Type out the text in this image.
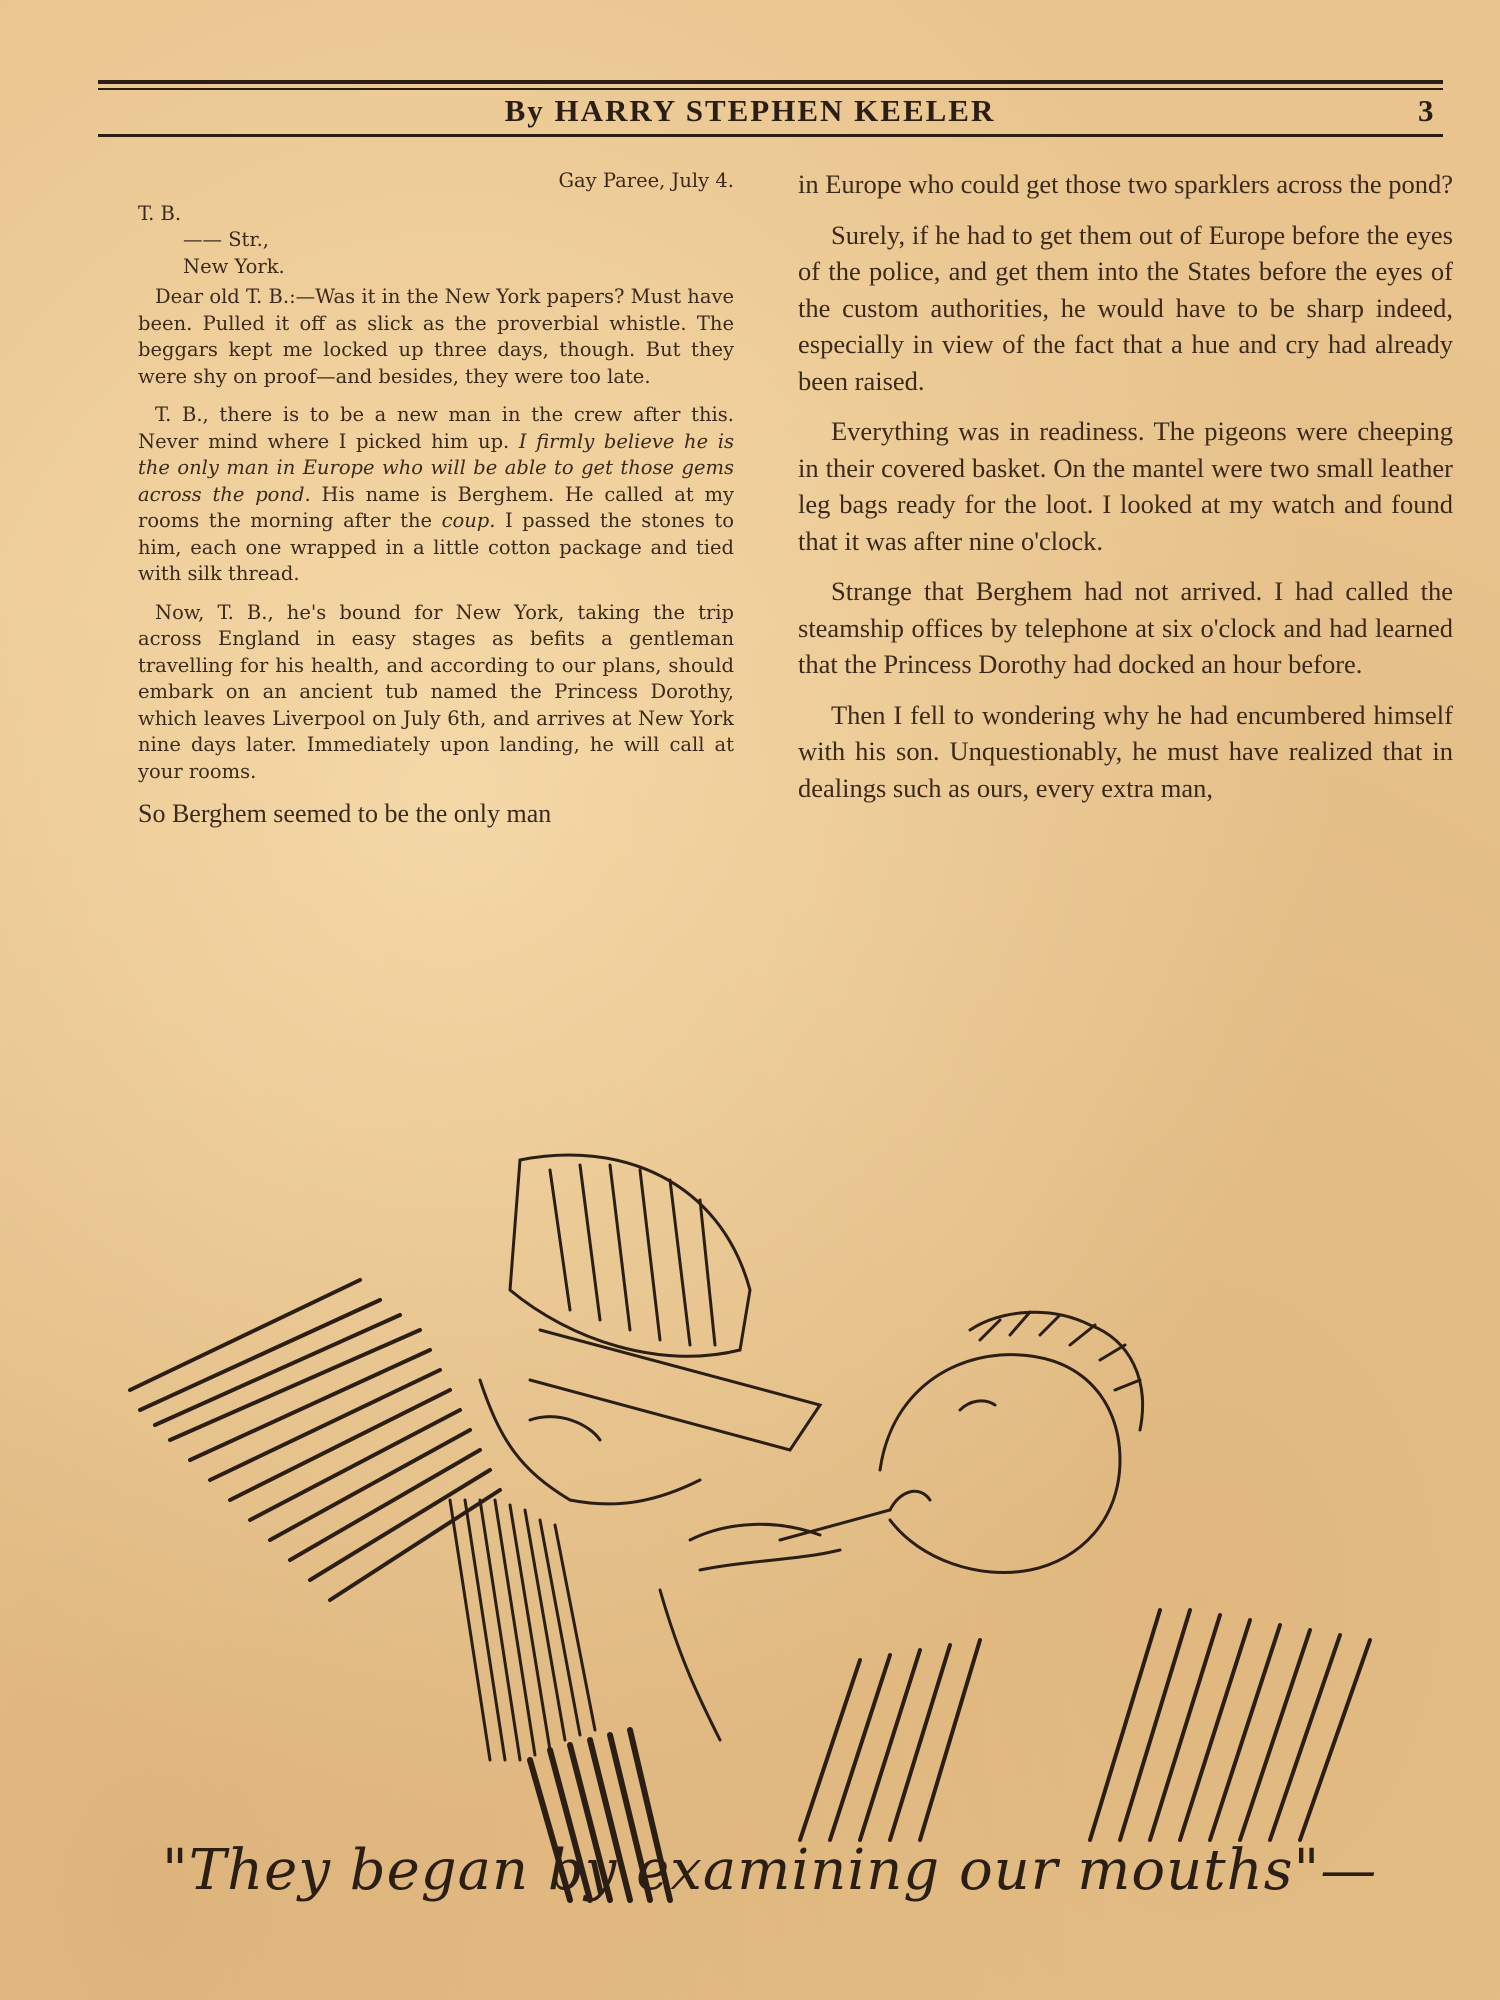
By HARRY STEPHEN KEELER	3

Gay Paree, July 4.

T. B.

—— Str.,

New York.

Dear old T. B.:—Was it in the New York papers? Must have been. Pulled it off as slick as the proverbial whistle. The beggars kept me locked up three days, though. But they were shy on proof—and besides, they were too late.

T. B., there is to be a new man in the crew after this. Never mind where I picked him up. I firmly believe he is the only man in Europe who will be able to get those gems across the pond. His name is Berghem. He called at my rooms the morning after the coup. I passed the stones to him, each one wrapped in a little cotton package and tied with silk thread.

Now, T. B., he's bound for New York, taking the trip across England in easy stages as befits a gentleman travelling for his health, and according to our plans, should embark on an ancient tub named the Princess Dorothy, which leaves Liverpool on July 6th, and arrives at New York nine days later. Immediately upon landing, he will call at your rooms.

So Berghem seemed to be the only man

in Europe who could get those two sparklers across the pond?

Surely, if he had to get them out of Europe before the eyes of the police, and get them into the States before the eyes of the custom authorities, he would have to be sharp indeed, especially in view of the fact that a hue and cry had already been raised.

Everything was in readiness. The pigeons were cheeping in their covered basket. On the mantel were two small leather leg bags ready for the loot. I looked at my watch and found that it was after nine o'clock.

Strange that Berghem had not arrived. I had called the steamship offices by telephone at six o'clock and had learned that the Princess Dorothy had docked an hour before.

Then I fell to wondering why he had encumbered himself with his son. Unquestionably, he must have realized that in dealings such as ours, every extra man,

"They began by examining our mouths"—
